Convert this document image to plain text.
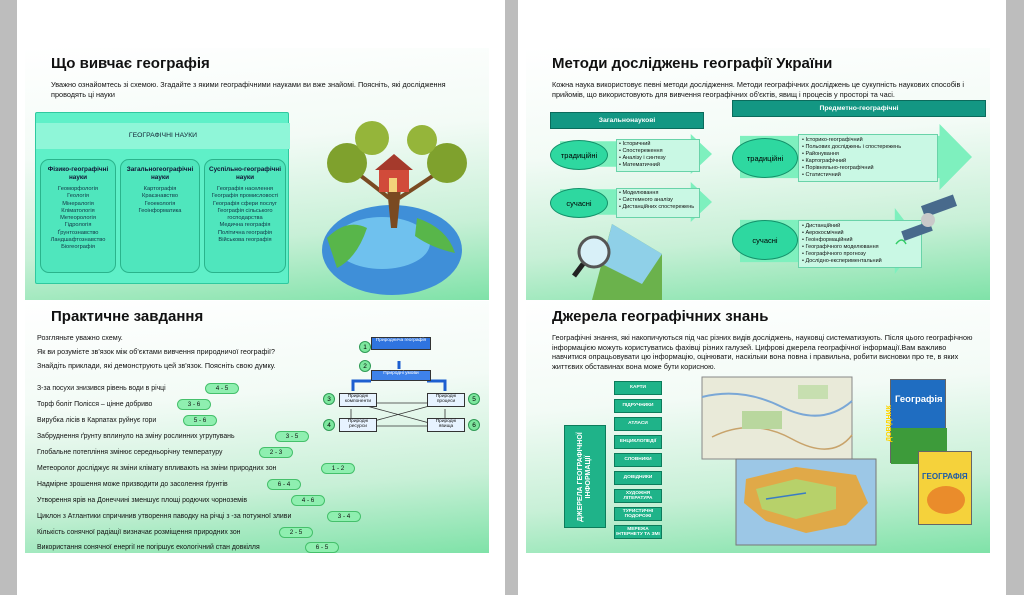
Що вивчає географія
Уважно ознайомтесь зі схемою. Згадайте з якими географічними науками ви вже знайомі. Поясніть, які дослідження проводять ці науки
ГЕОГРАФІЧНІ НАУКИ
Фізико-географічні науки
Геоморфологія
Геологія
Мінералогія
Кліматологія
Метеорологія
Гідрологія
Ґрунтознавство
Ландшафтознавство
Біогеографія
Загальногеографічні науки
Картографія
Краєзнавство
Геоекологія
Геоінформатика
Суспільно-географічні науки
Географія населення
Географія промисловості
Географія сфери послуг
Географія сільського господарства
Медична географія
Політична географія
Військова географія
Практичне завдання
Розгляньте уважно схему.
Як ви розумієте зв'язок між об'єктами вивчення природничої географії?
Знайдіть приклади, які демонструють цей зв'язок. Поясніть свою думку.
З-за посухи знизився рівень води в річці	4 - 5
Торф боліт Полісся – цінне добриво	3 - 6
Вирубка лісів в Карпатах руйнує гори	5 - 6
Забруднення ґрунту вплинуло на зміну рослинних угрупувань	3 - 5
Глобальне потепління змінює середньорічну температуру	2 - 3
Метеоролог досліджує як зміни клімату впливають на зміни природних зон	1 - 2
Надмірне зрошення може призводити до засолення ґрунтів	6 - 4
Утворення ярів на Донеччині зменшує площі родючих чорноземів	4 - 6
Циклон з Атлантики спричинив утворення паводку на річці з -за потужної зливи	3 - 4
Кількість сонячної радіації визначає розміщення природних зон	2 - 5
Використання сонячної енергії не погіршує екологічний стан довкілля	6 - 5
Природнича географія
Природні умови
Природні компоненти
Природні процеси
Природні ресурси
Природні явища
1
2
3
4
5
6
Методи досліджень географії України
Кожна наука використовує певні методи дослідження. Методи географічних досліджень це сукупність наукових способів і прийомів, що використовують для вивчення географічних об'єктів, явищ і процесів у просторі та часі.
Загальнонаукові
Предметно-географічні
традиційні
• Історичний
• Спостереження
• Аналізу і синтезу
• Математичний
сучасні
• Моделювання
• Системного аналізу
• Дистанційних спостережень
традиційні
• Історико-географічний
• Польових досліджень і спостережень
• Районування
• Картографічний
• Порівняльно-географічний
• Статистичний
сучасні
• Дистанційний
• Аерокосмічний
• Геоінформаційний
• Географічного моделювання
• Географічного прогнозу
• Дослідно-експериментальний
Джерела географічних знань
Географічні знання, які накопичуються під час різних видів досліджень, науковці систематизують. Після цього географічною інформацією можуть користуватись фахівці різних галузей. Цифрові джерела географічної інформації.Вам важливо навчитися опрацьовувати цю інформацію, оцінювати, наскільки вона повна і правильна, робити висновки про те, в яких життєвих обставинах вона може бути корисною.
ДЖЕРЕЛА ГЕОГРАФІЧНОЇ ІНФОРМАЦІЇ
КАРТИ
ПІДРУЧНИКИ
АТЛАСИ
ЕНЦИКЛОПЕДІЇ
СЛОВНИКИ
ДОВІДНИКИ
ХУДОЖНЯ ЛІТЕРАТУРА
ТУРИСТИЧНІ ПОДОРОЖІ
МЕРЕЖА ІНТЕРНЕТУ ТА ЗМІ
Географія
ДОВІДНИК
ГЕОГРАФІЯ
